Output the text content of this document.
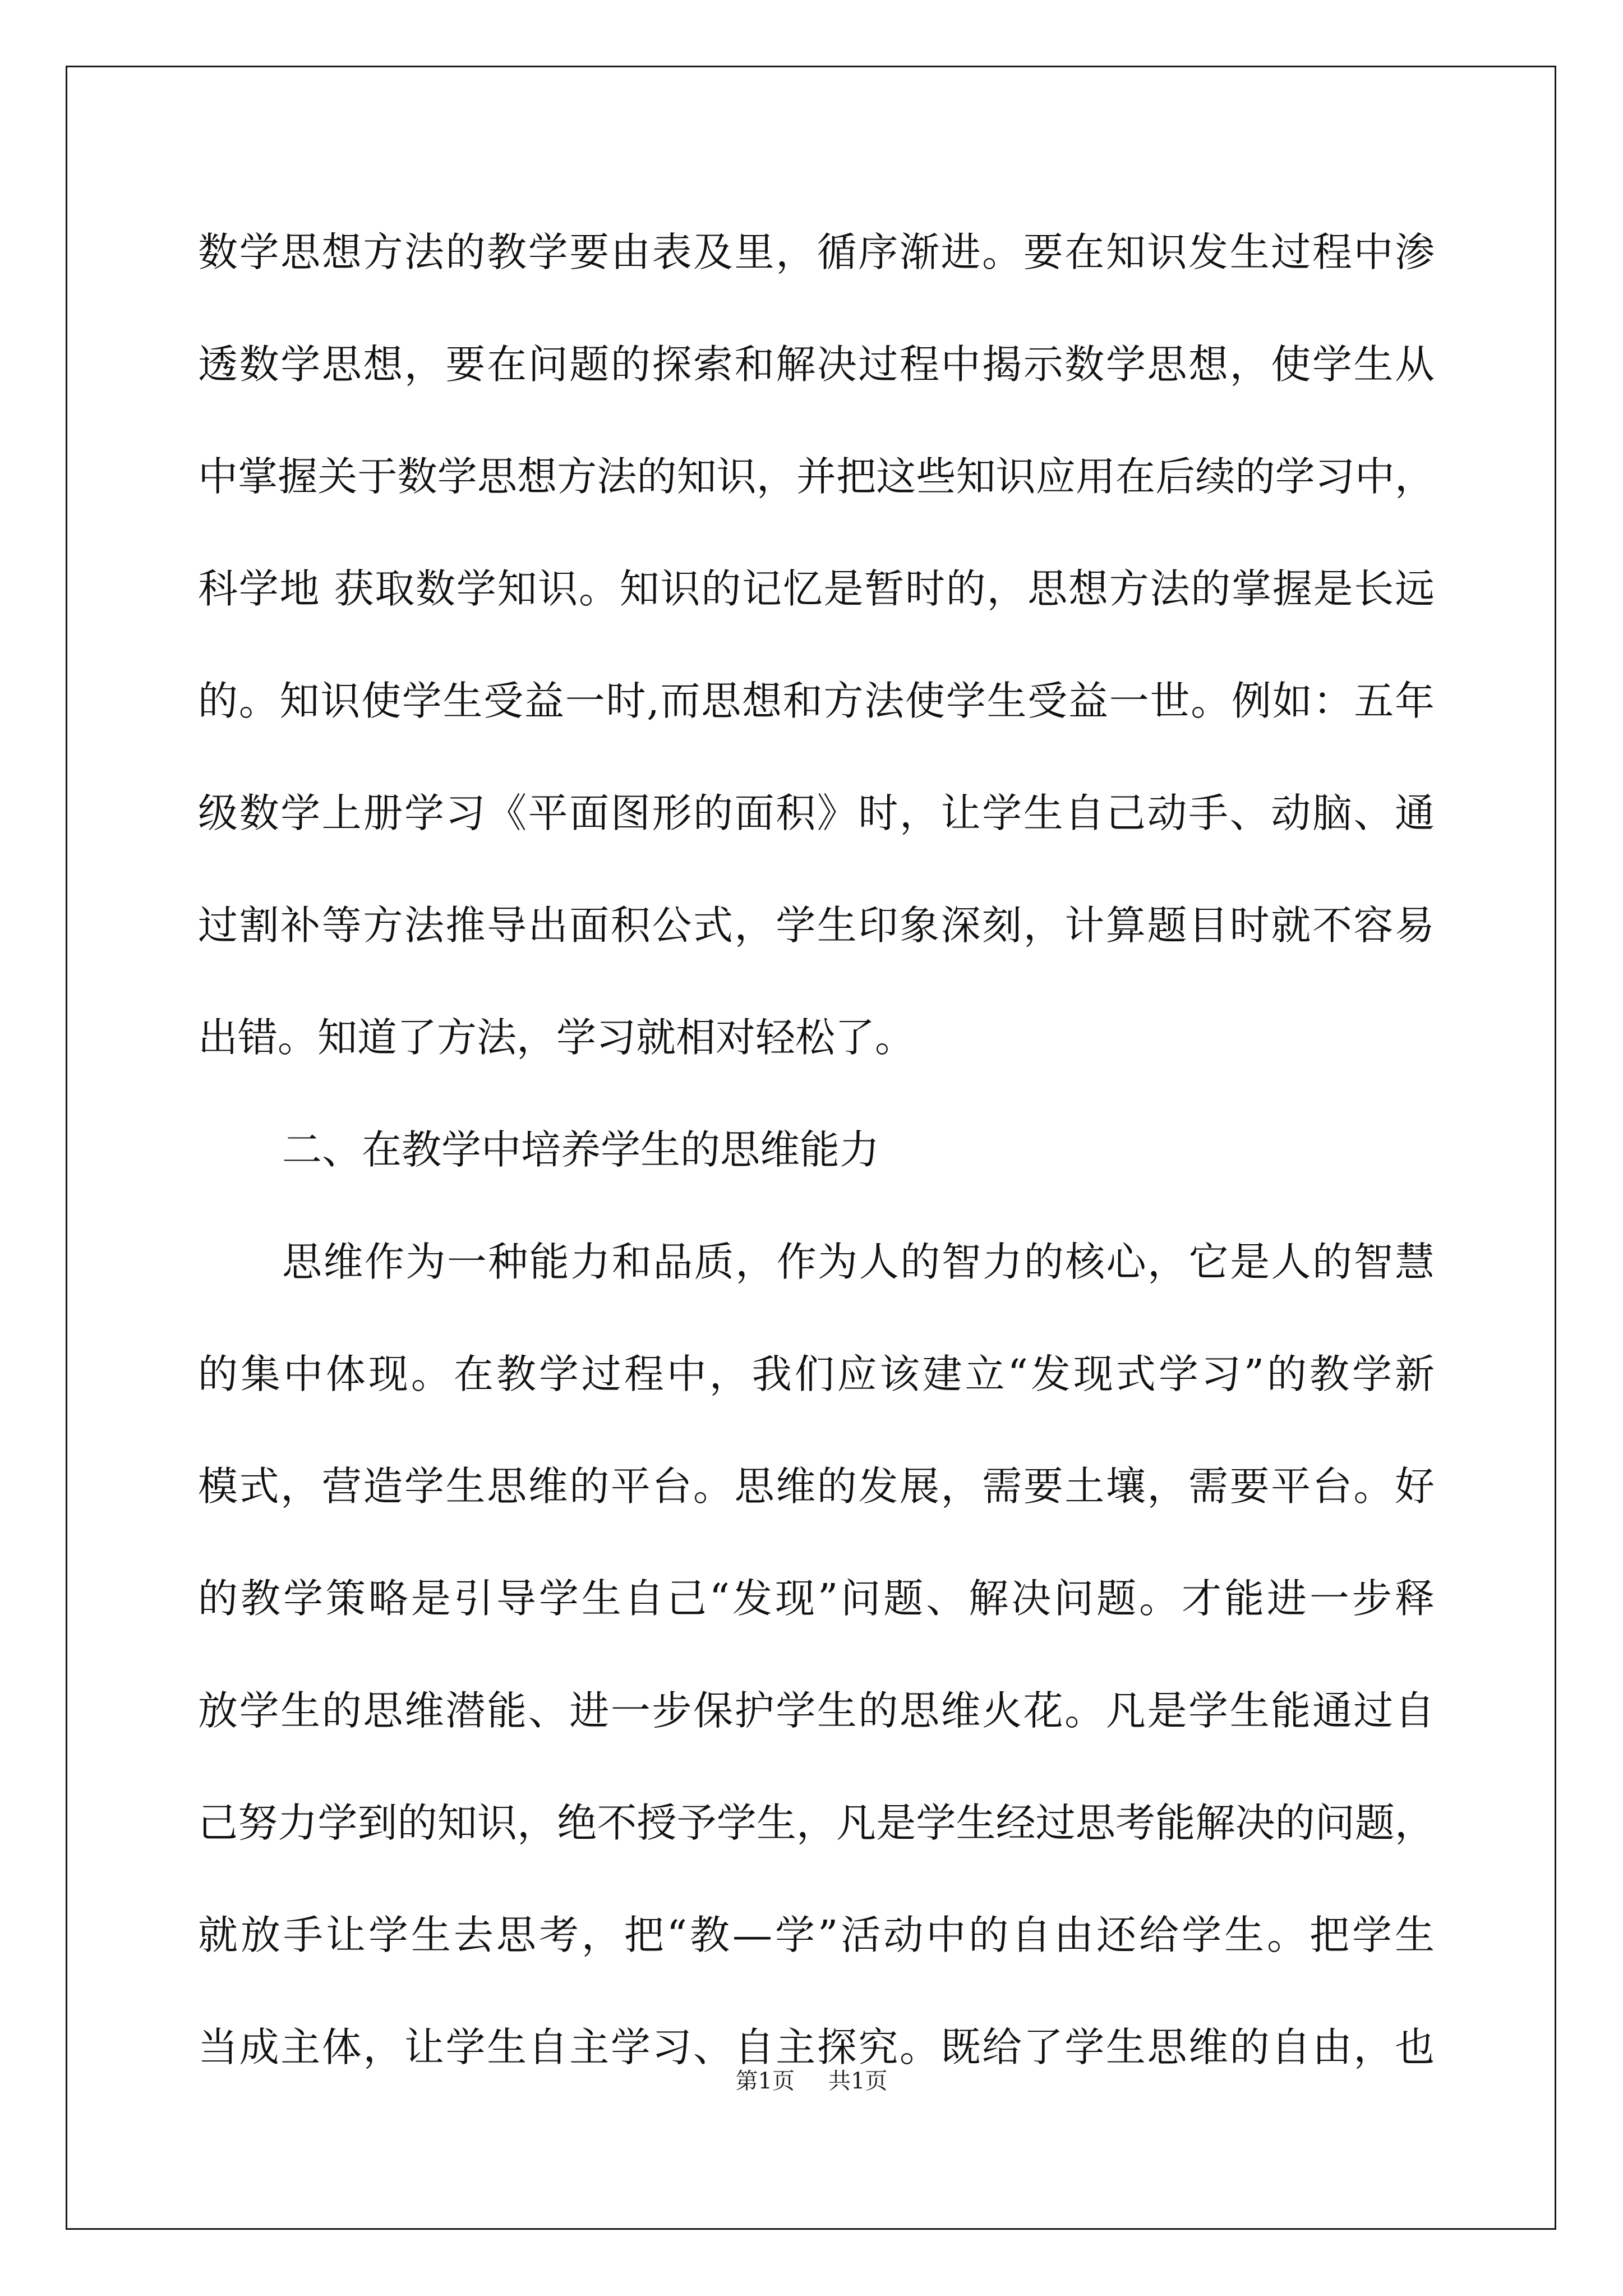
数学思想方法的教学要由表及里，循序渐进。要在知识发生过程中渗
透数学思想，要在问题的探索和解决过程中揭示数学思想，使学生从
中掌握关于数学思想方法的知识，并把这些知识应用在后续的学习中，
科学地 获取数学知识。知识的记忆是暂时的，思想方法的掌握是长远
的。知识使学生受益一时,而思想和方法使学生受益一世。例如：五年
级数学上册学习《平面图形的面积》时，让学生自己动手、动脑、通
过割补等方法推导出面积公式，学生印象深刻，计算题目时就不容易
出错。知道了方法，学习就相对轻松了。
二、在教学中培养学生的思维能力
思维作为一种能力和品质，作为人的智力的核心，它是人的智慧
的集中体现。在教学过程中，我们应该建立“发现式学习”的教学新
模式，营造学生思维的平台。思维的发展，需要土壤，需要平台。好
的教学策略是引导学生自己“发现”问题、解决问题。才能进一步释
放学生的思维潜能、进一步保护学生的思维火花。凡是学生能通过自
己努力学到的知识，绝不授予学生，凡是学生经过思考能解决的问题，
就放手让学生去思考，把“教—学”活动中的自由还给学生。把学生
当成主体，让学生自主学习、自主探究。既给了学生思维的自由，也
第1页 共1页
